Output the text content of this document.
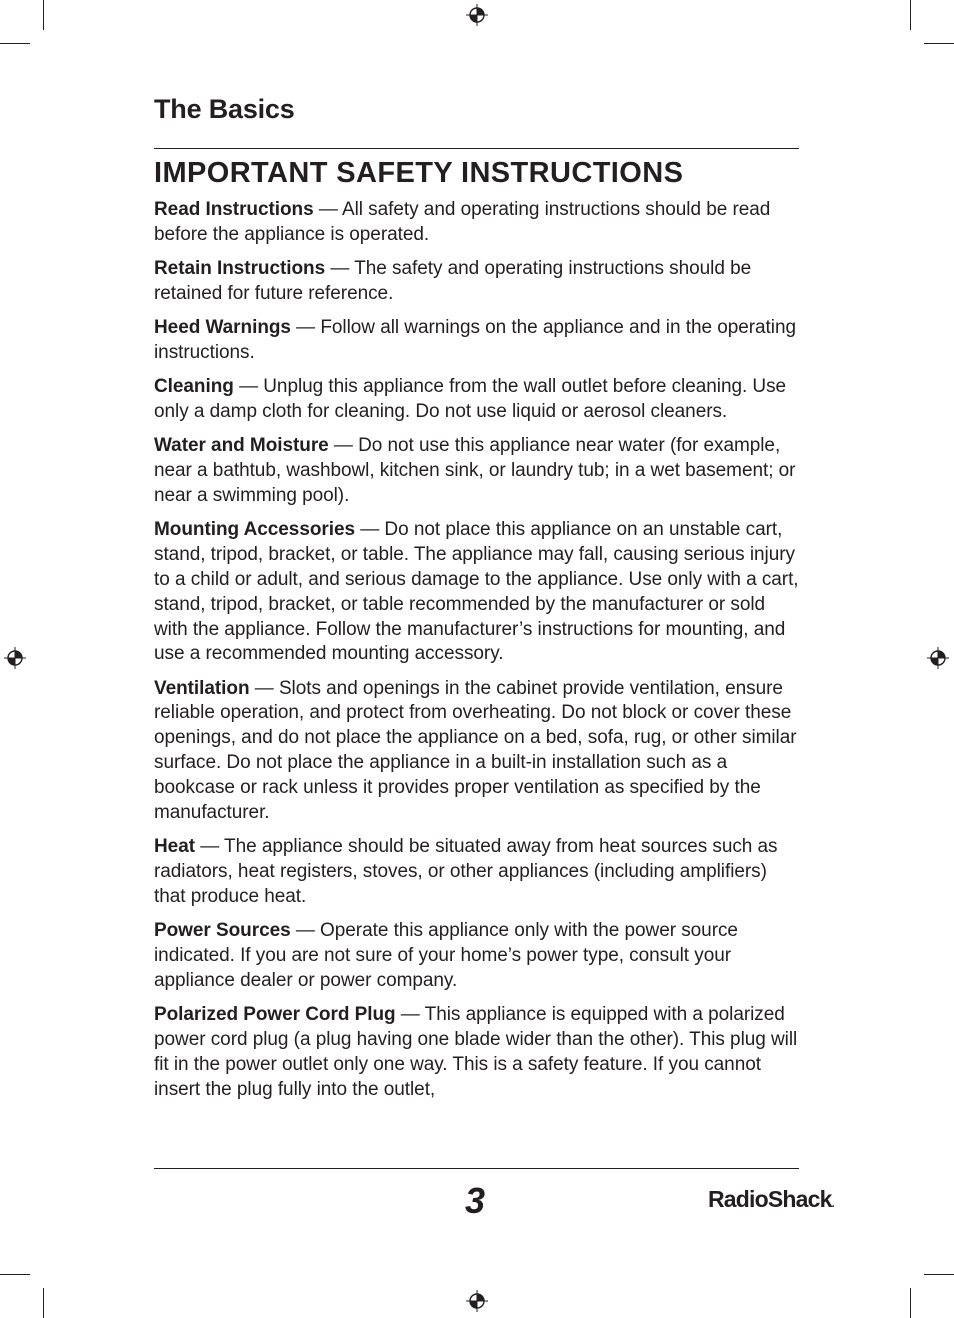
The Basics
IMPORTANT SAFETY INSTRUCTIONS

Read Instructions — All safety and operating instructions should be read before the appliance is operated.

Retain Instructions — The safety and operating instructions should be retained for future reference.

Heed Warnings — Follow all warnings on the appliance and in the operating instructions.

Cleaning — Unplug this appliance from the wall outlet before cleaning. Use only a damp cloth for cleaning. Do not use liquid or aerosol cleaners.

Water and Moisture — Do not use this appliance near water (for example, near a bathtub, washbowl, kitchen sink, or laundry tub; in a wet basement; or near a swimming pool).

Mounting Accessories — Do not place this appliance on an unstable cart, stand, tripod, bracket, or table. The appliance may fall, causing serious injury to a child or adult, and serious damage to the appliance. Use only with a cart, stand, tripod, bracket, or table recommended by the manufacturer or sold with the appliance. Follow the manufacturer’s instructions for mounting, and use a recommended mounting accessory.

Ventilation — Slots and openings in the cabinet provide ventilation, ensure reliable operation, and protect from overheating. Do not block or cover these openings, and do not place the appliance on a bed, sofa, rug, or other similar surface. Do not place the appliance in a built-in installation such as a bookcase or rack unless it provides proper ventilation as specified by the manufacturer.

Heat — The appliance should be situated away from heat sources such as radiators, heat registers, stoves, or other appliances (including amplifiers) that produce heat.

Power Sources — Operate this appliance only with the power source indicated. If you are not sure of your home’s power type, consult your appliance dealer or power company.

Polarized Power Cord Plug — This appliance is equipped with a polarized power cord plug (a plug having one blade wider than the other). This plug will fit in the power outlet only one way. This is a safety feature. If you cannot insert the plug fully into the outlet,

3	RadioShack.
